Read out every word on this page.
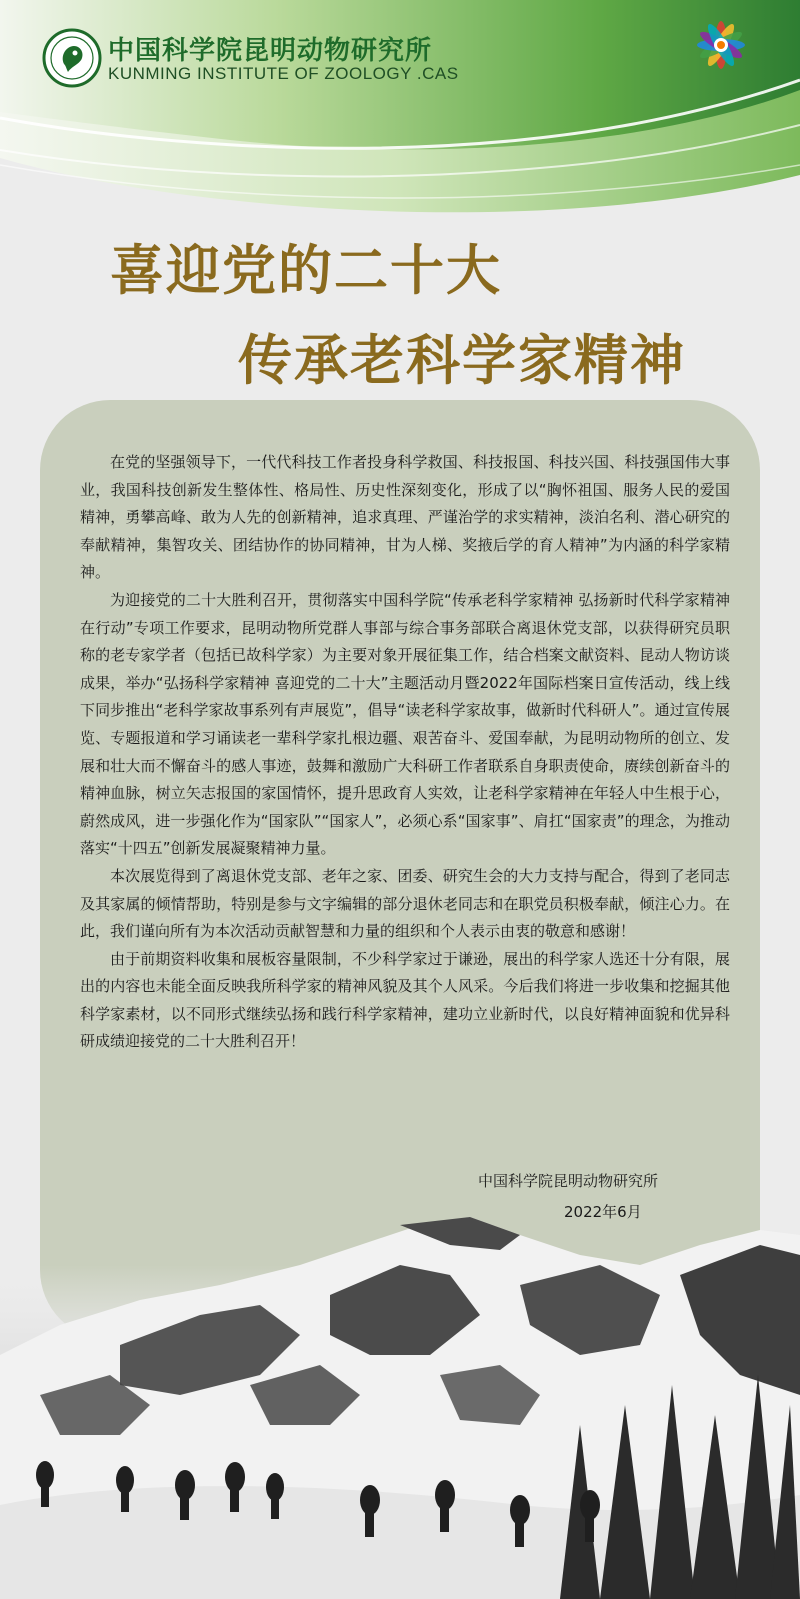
中国科学院昆明动物研究所
KUNMING INSTITUTE OF ZOOLOGY .CAS
喜迎党的二十大
传承老科学家精神

在党的坚强领导下，一代代科技工作者投身科学救国、科技报国、科技兴国、科技强国伟大事业，我国科技创新发生整体性、格局性、历史性深刻变化，形成了以“胸怀祖国、服务人民的爱国精神，勇攀高峰、敢为人先的创新精神，追求真理、严谨治学的求实精神，淡泊名利、潜心研究的奉献精神，集智攻关、团结协作的协同精神，甘为人梯、奖掖后学的育人精神”为内涵的科学家精神。

为迎接党的二十大胜利召开，贯彻落实中国科学院“传承老科学家精神 弘扬新时代科学家精神在行动”专项工作要求，昆明动物所党群人事部与综合事务部联合离退休党支部，以获得研究员职称的老专家学者（包括已故科学家）为主要对象开展征集工作，结合档案文献资料、昆动人物访谈成果，举办“弘扬科学家精神 喜迎党的二十大”主题活动月暨2022年国际档案日宣传活动，线上线下同步推出“老科学家故事系列有声展览”，倡导“读老科学家故事，做新时代科研人”。通过宣传展览、专题报道和学习诵读老一辈科学家扎根边疆、艰苦奋斗、爱国奉献，为昆明动物所的创立、发展和壮大而不懈奋斗的感人事迹，鼓舞和激励广大科研工作者联系自身职责使命，赓续创新奋斗的精神血脉，树立矢志报国的家国情怀，提升思政育人实效，让老科学家精神在年轻人中生根于心，蔚然成风，进一步强化作为“国家队”“国家人”，必须心系“国家事”、肩扛“国家责”的理念，为推动落实“十四五”创新发展凝聚精神力量。

本次展览得到了离退休党支部、老年之家、团委、研究生会的大力支持与配合，得到了老同志及其家属的倾情帮助，特别是参与文字编辑的部分退休老同志和在职党员积极奉献，倾注心力。在此，我们谨向所有为本次活动贡献智慧和力量的组织和个人表示由衷的敬意和感谢！

由于前期资料收集和展板容量限制，不少科学家过于谦逊，展出的科学家人选还十分有限，展出的内容也未能全面反映我所科学家的精神风貌及其个人风采。今后我们将进一步收集和挖掘其他科学家素材，以不同形式继续弘扬和践行科学家精神，建功立业新时代，以良好精神面貌和优异科研成绩迎接党的二十大胜利召开！

中国科学院昆明动物研究所
2022年6月
